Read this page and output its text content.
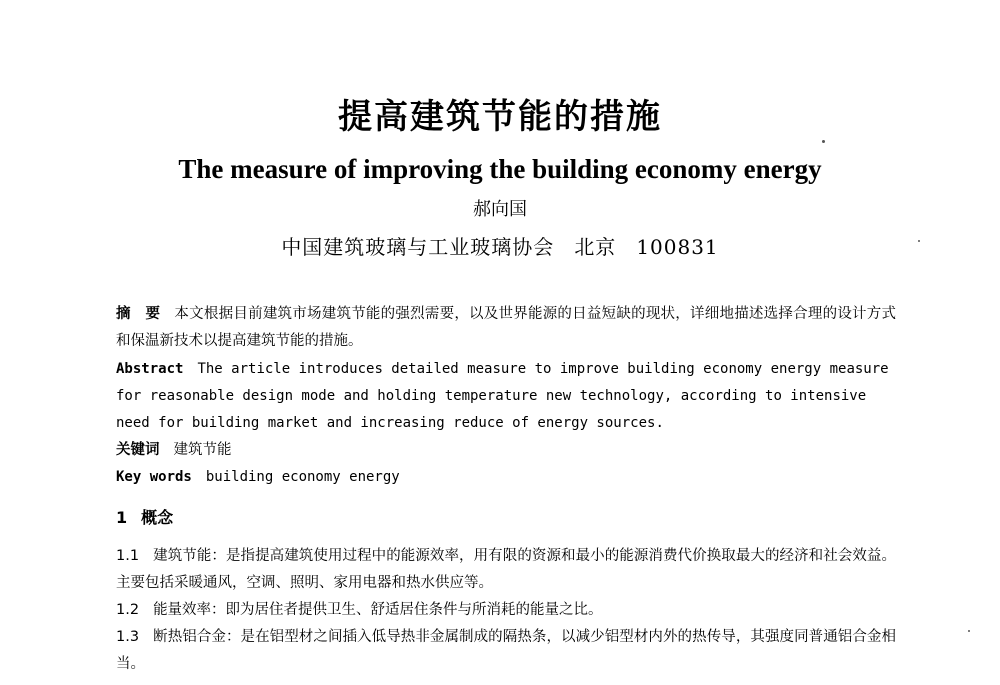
提高建筑节能的措施
The measure of improving the building economy energy
郝向国
中国建筑玻璃与工业玻璃协会 北京 100831
摘　要 本文根据目前建筑市场建筑节能的强烈需要，以及世界能源的日益短缺的现状，详细地描述选择合理的设计方式和保温新技术以提高建筑节能的措施。
Abstract The article introduces detailed measure to improve building economy energy measure for reasonable design mode and holding temperature new technology, according to intensive need for building market and increasing reduce of energy sources.
关键词 建筑节能
Key words building economy energy
1 概念
1.1 建筑节能：是指提高建筑使用过程中的能源效率，用有限的资源和最小的能源消费代价换取最大的经济和社会效益。主要包括采暖通风，空调、照明、家用电器和热水供应等。
1.2 能量效率：即为居住者提供卫生、舒适居住条件与所消耗的能量之比。
1.3 断热铝合金：是在铝型材之间插入低导热非金属制成的隔热条，以减少铝型材内外的热传导，其强度同普通铝合金相当。
